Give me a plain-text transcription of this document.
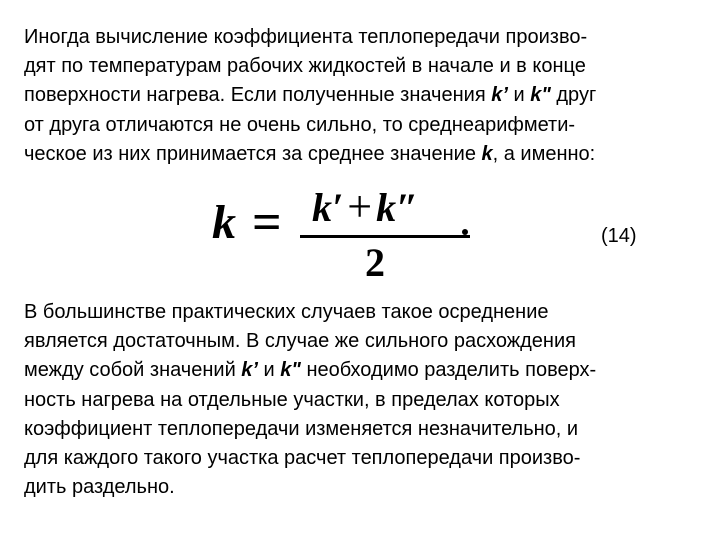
Иногда вычисление коэффициента теплопередачи произво-
дят по температурам рабочих жидкостей в начале и в конце
поверхности нагрева. Если полученные значения k’ и k" друг
от друга отличаются не очень сильно, то среднеарифмети-
ческое из них принимается за среднее значение k, а именно:
k = k′+ k″
2
(14)
В большинстве практических случаев такое осреднение
является достаточным. В случае же сильного расхождения
между собой значений k’ и k" необходимо разделить поверх-
ность нагрева на отдельные участки, в пределах которых
коэффициент теплопередачи изменяется незначительно, и
для каждого такого участка расчет теплопередачи произво-
дить раздельно.
